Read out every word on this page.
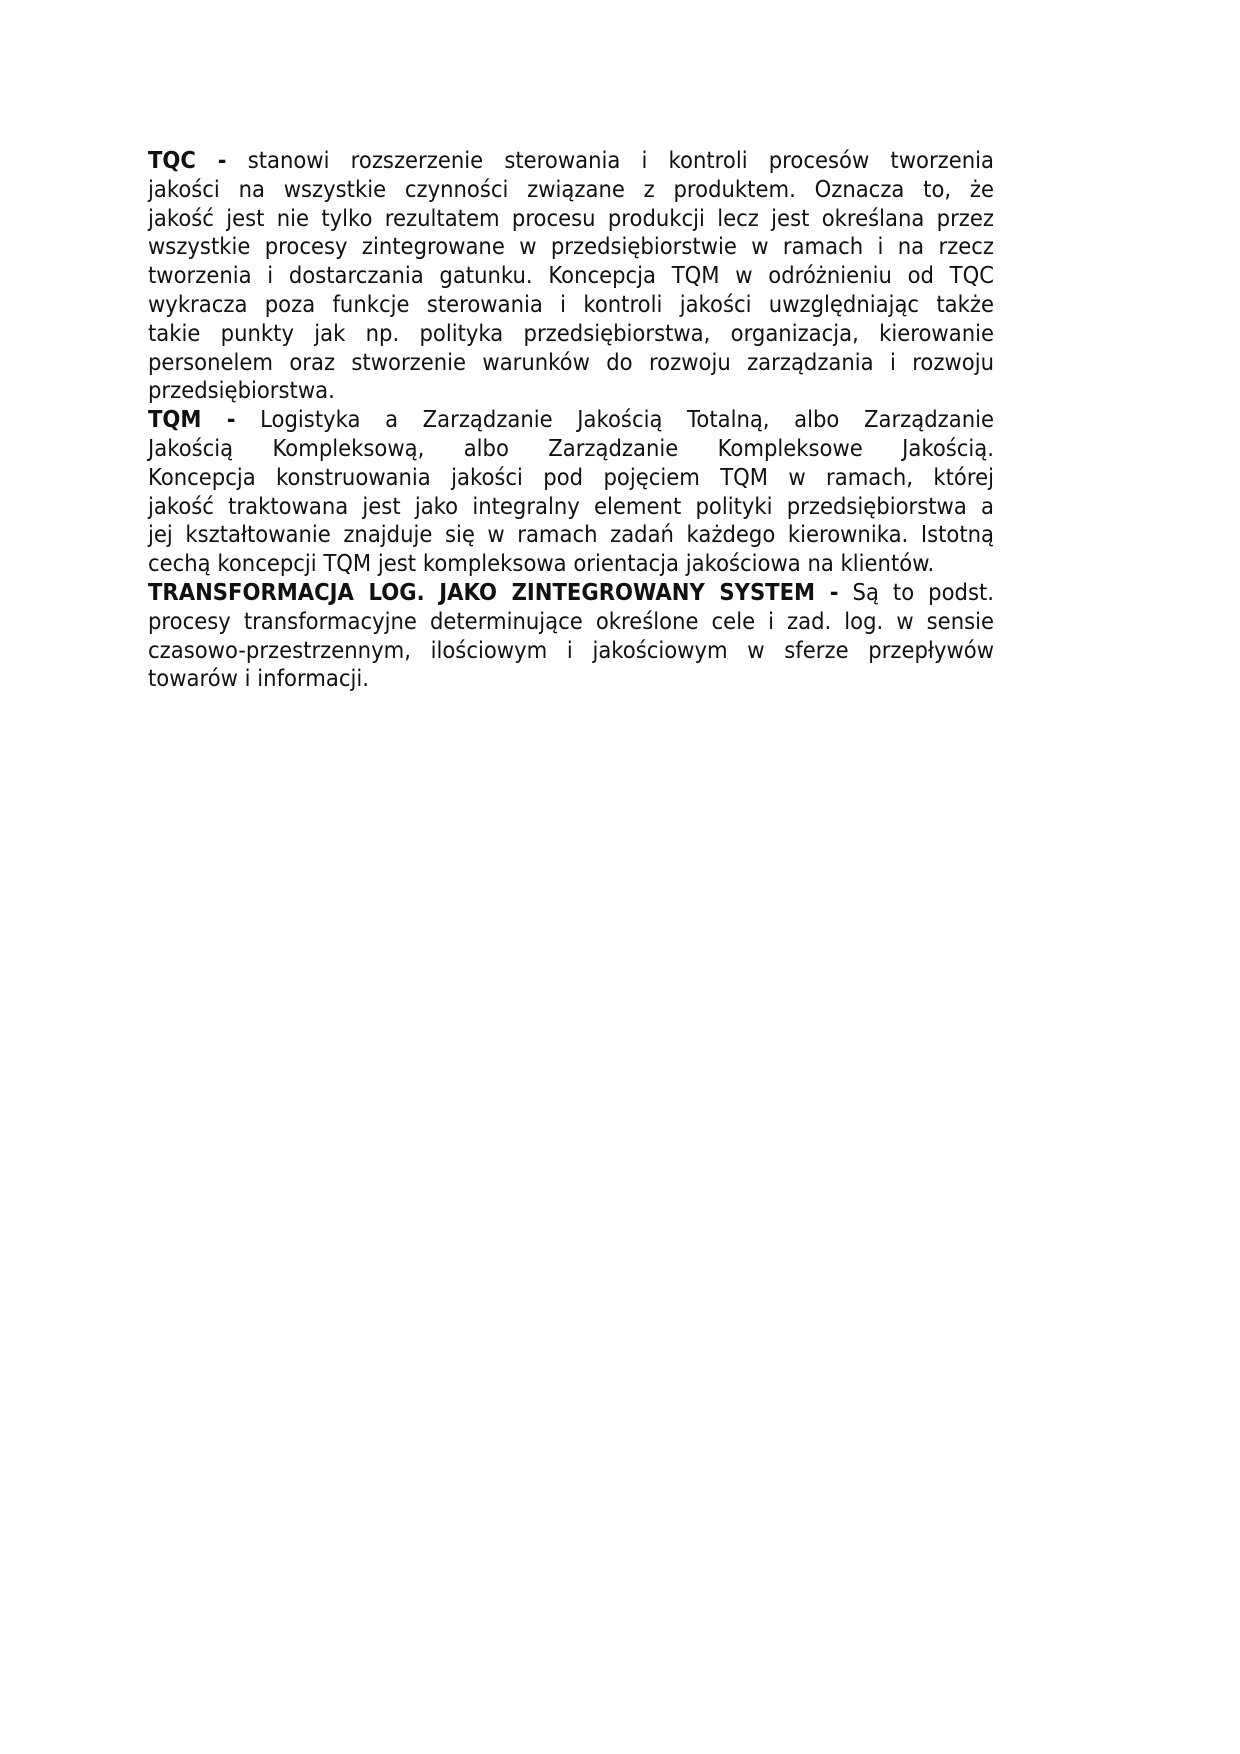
TQC - stanowi rozszerzenie sterowania i kontroli procesów tworzenia
jakości na wszystkie czynności związane z produktem. Oznacza to, że
jakość jest nie tylko rezultatem procesu produkcji lecz jest określana przez
wszystkie procesy zintegrowane w przedsiębiorstwie w ramach i na rzecz
tworzenia i dostarczania gatunku. Koncepcja TQM w odróżnieniu od TQC
wykracza poza funkcje sterowania i kontroli jakości uwzględniając także
takie punkty jak np. polityka przedsiębiorstwa, organizacja, kierowanie
personelem oraz stworzenie warunków do rozwoju zarządzania i rozwoju
przedsiębiorstwa.
TQM - Logistyka a Zarządzanie Jakością Totalną, albo Zarządzanie
Jakością Kompleksową, albo Zarządzanie Kompleksowe Jakością.
Koncepcja konstruowania jakości pod pojęciem TQM w ramach, której
jakość traktowana jest jako integralny element polityki przedsiębiorstwa a
jej kształtowanie znajduje się w ramach zadań każdego kierownika. Istotną
cechą koncepcji TQM jest kompleksowa orientacja jakościowa na klientów.
TRANSFORMACJA LOG. JAKO ZINTEGROWANY SYSTEM - Są to podst.
procesy transformacyjne determinujące określone cele i zad. log. w sensie
czasowo-przestrzennym, ilościowym i jakościowym w sferze przepływów
towarów i informacji.
